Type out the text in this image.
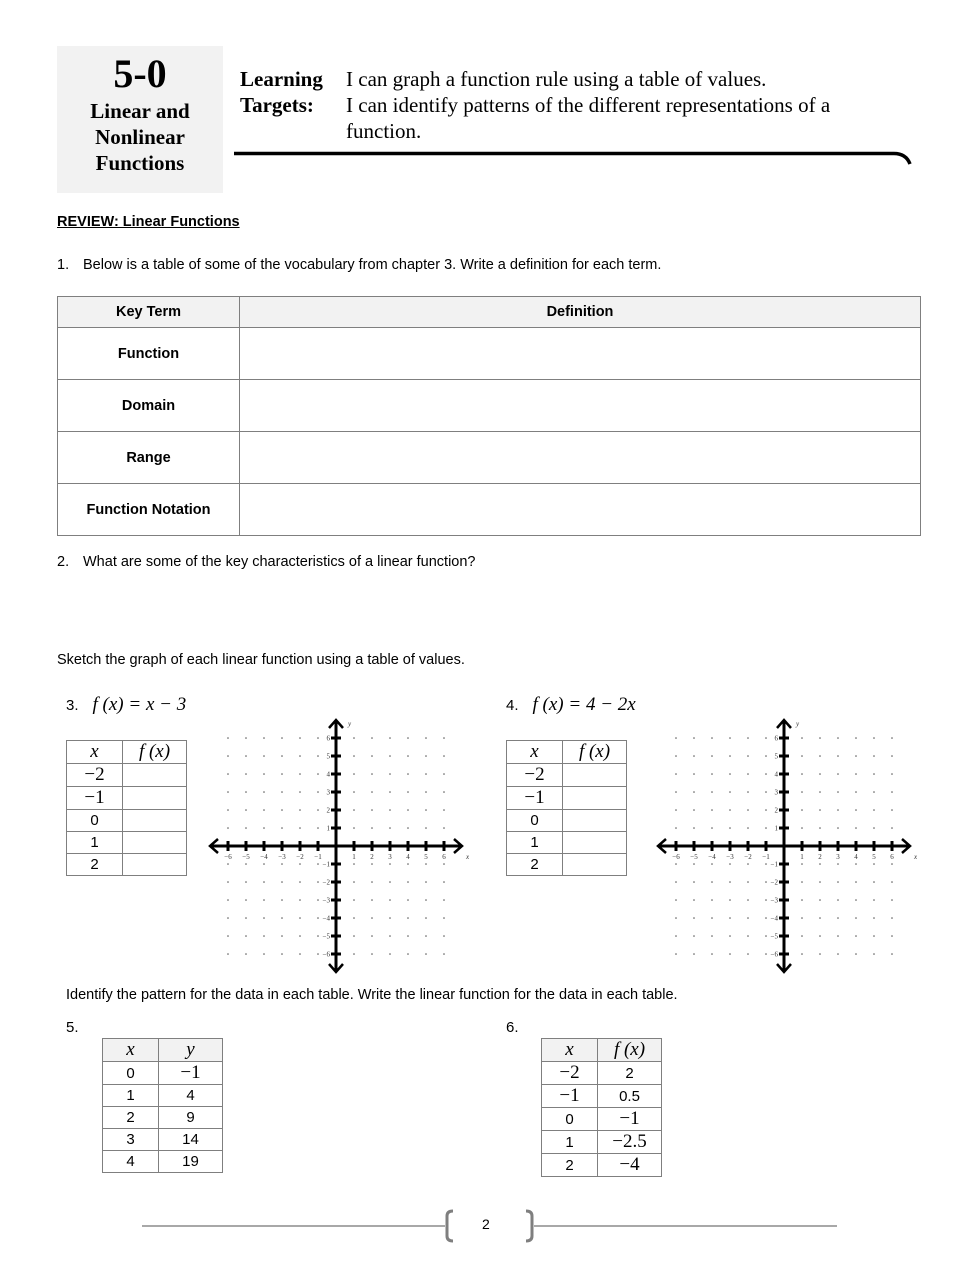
5-0
Linear and
Nonlinear
Functions
Learning
Targets:
I can graph a function rule using a table of values.
I can identify patterns of the different representations of a function.
REVIEW: Linear Functions
1. Below is a table of some of the vocabulary from chapter 3. Write a definition for each term.
Key Term	Definition
Function	
Domain	
Range	
Function Notation	
2. What are some of the key characteristics of a linear function?
Sketch the graph of each linear function using a table of values.
3. f (x) = x − 3	4. f (x) = 4 − 2x
x	f (x)
−2	
−1	
0	
1	
2	
x	f (x)
−2	
−1	
0	
1	
2	
−6 −5 −4 −3 −2 −1	1 2 3 4 5 6
6
5
4
3
2
1
−1
−2
−3
−4
−5
−6
x
y
−6 −5 −4 −3 −2 −1	1 2 3 4 5 6
6
5
4
3
2
1
−1
−2
−3
−4
−5
−6
x
y
Identify the pattern for the data in each table. Write the linear function for the data in each table.
5.	6.
x	y
0	−1
1	4
2	9
3	14
4	19
x	f (x)
−2	2
−1	0.5
0	−1
1	−2.5
2	−4
2
